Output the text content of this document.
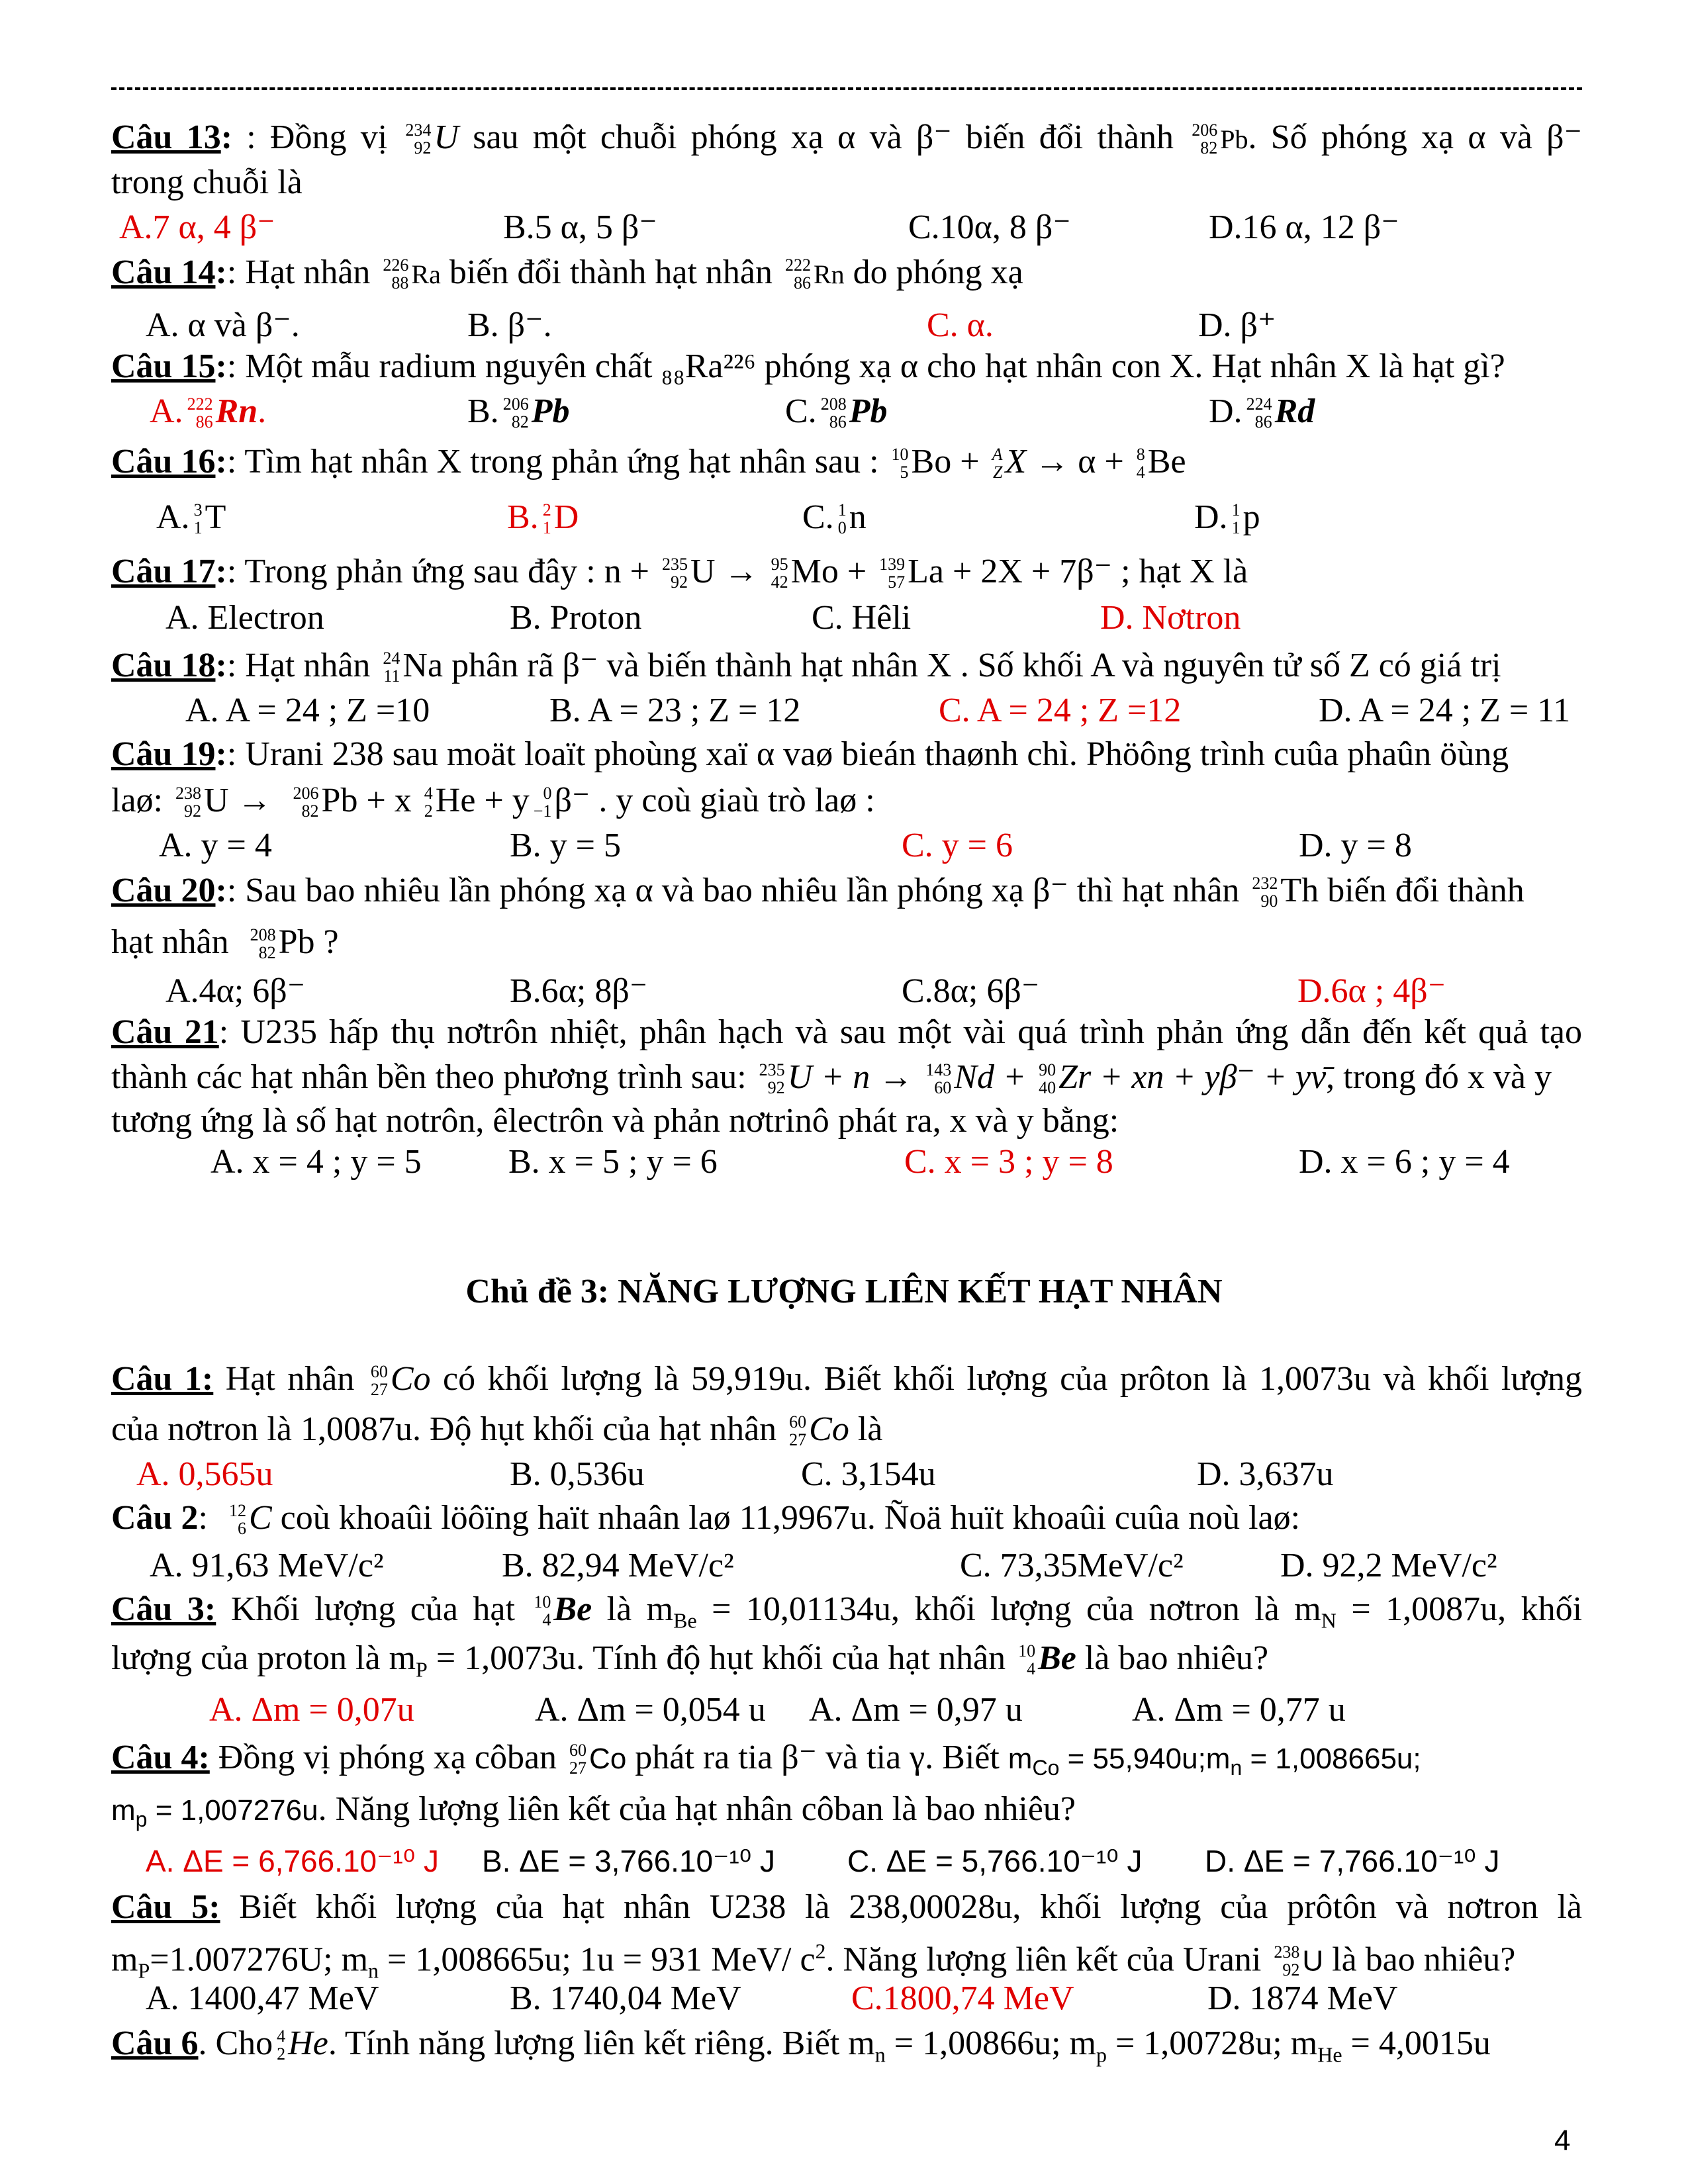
Câu 13: : Đồng vị 234
92 U sau một chuỗi phóng xạ α và β⁻ biến đổi thành 206
82 Pb. Số phóng xạ α và β⁻
trong chuỗi là
A.7 α, 4 β⁻	B.5 α, 5 β⁻	C.10α, 8 β⁻	D.16 α, 12 β⁻
Câu 14:: Hạt nhân 226
88 Ra biến đổi thành hạt nhân 222
86 Rn do phóng xạ
A. α và β⁻.	B. β⁻.	C. α.	D. β⁺
Câu 15:: Một mẫu radium nguyên chất ₈₈Ra²²⁶ phóng xạ α cho hạt nhân con X. Hạt nhân X là hạt gì?
A. 222
86 Rn.	B. 206
82 Pb	C. 208
86 Pb	D. 224
86 Rd
Câu 16:: Tìm hạt nhân X trong phản ứng hạt nhân sau : 10
5 Bo + A
Z X → α + 8
4 Be
A. 3
1 T	B. 2
1 D	C. 1
0 n	D. 1
1 p
Câu 17:: Trong phản ứng sau đây : n + 235
92 U → 95
42 Mo + 139
57 La + 2X + 7β⁻ ; hạt X là
A. Electron	B. Proton	C. Hêli	D. Nơtron
Câu 18:: Hạt nhân 24
11 Na phân rã β⁻ và biến thành hạt nhân X . Số khối A và nguyên tử số Z có giá trị
A. A = 24 ; Z =10	B. A = 23 ; Z = 12	C. A = 24 ; Z =12	D. A = 24 ; Z = 11
Câu 19:: Urani 238 sau moät loaït phoùng xaï α vaø bieán thaønh chì. Phöông trình cuûa phaûn öùng
laø: 238
92 U → 206
82 Pb + x 4
2 He + y 0
−1 β⁻ . y coù giaù trò laø :
A. y = 4	B. y = 5	C. y = 6	D. y = 8
Câu 20:: Sau bao nhiêu lần phóng xạ α và bao nhiêu lần phóng xạ β⁻ thì hạt nhân 232
90 Th biến đổi thành
hạt nhân 208
82 Pb ?
A.4α; 6β⁻	B.6α; 8β⁻	C.8α; 6β⁻	D.6α ; 4β⁻
Câu 21: U235 hấp thụ nơtrôn nhiệt, phân hạch và sau một vài quá trình phản ứng dẫn đến kết quả tạo
thành các hạt nhân bền theo phương trình sau: 235
92 U + n → 143
60 Nd + 90
40 Zr + xn + yβ⁻ + yν̄, trong đó x và y
tương ứng là số hạt notrôn, êlectrôn và phản nơtrinô phát ra, x và y bằng:
A. x = 4 ; y = 5	B. x = 5 ; y = 6	C. x = 3 ; y = 8	D. x = 6 ; y = 4
Chủ đề 3: NĂNG LƯỢNG LIÊN KẾT HẠT NHÂN
Câu 1: Hạt nhân 60
27 Co có khối lượng là 59,919u. Biết khối lượng của prôton là 1,0073u và khối lượng
của nơtron là 1,0087u. Độ hụt khối của hạt nhân 60
27 Co là
A. 0,565u	B. 0,536u	C. 3,154u	D. 3,637u
Câu 2: 12
6 C coù khoaûi löôïng haït nhaân laø 11,9967u. Ñoä huït khoaûi cuûa noù laø:
A. 91,63 MeV/c²	B. 82,94 MeV/c²	C. 73,35MeV/c²	D. 92,2 MeV/c²
Câu 3: Khối lượng của hạt 10
4 Be là $m_{Be} = 10,01134u$, khối lượng của nơtron là $m_N = 1,0087u$, khối
lượng của proton là $m_P = 1,0073u$. Tính độ hụt khối của hạt nhân 10
4 Be là bao nhiêu?
A. Δm = 0,07u	A. Δm = 0,054 u A. Δm = 0,97 u	A. Δm = 0,77 u
Câu 4: Đồng vị phóng xạ côban 60
27 Co phát ra tia β⁻ và tia γ. Biết $m_{Co}$ = $55,940u;m_n = 1,008665u$;
$m_p = 1,007276u$. Năng lượng liên kết của hạt nhân côban là bao nhiêu?
A. ΔE = 6,766.10⁻¹⁰ J B. ΔE = 3,766.10⁻¹⁰ J C. ΔE = 5,766.10⁻¹⁰ J D. ΔE = 7,766.10⁻¹⁰ J
Câu 5: Biết khối lượng của hạt nhân U238 là 238,00028u, khối lượng của prôtôn và nơtron là
$m_P=1.007276U$; $m_n = 1,008665u$; 1u = 931 MeV/ $c^2$. Năng lượng liên kết của Urani 238
92 U là bao nhiêu?
A. 1400,47 MeV	B. 1740,04 MeV	C.1800,74 MeV	D. 1874 MeV
Câu 6. Cho 4
2 He. Tính năng lượng liên kết riêng. Biết $m_n = 1,00866u$; $m_p = 1,00728u$; $m_{He} = 4,0015u$
4
